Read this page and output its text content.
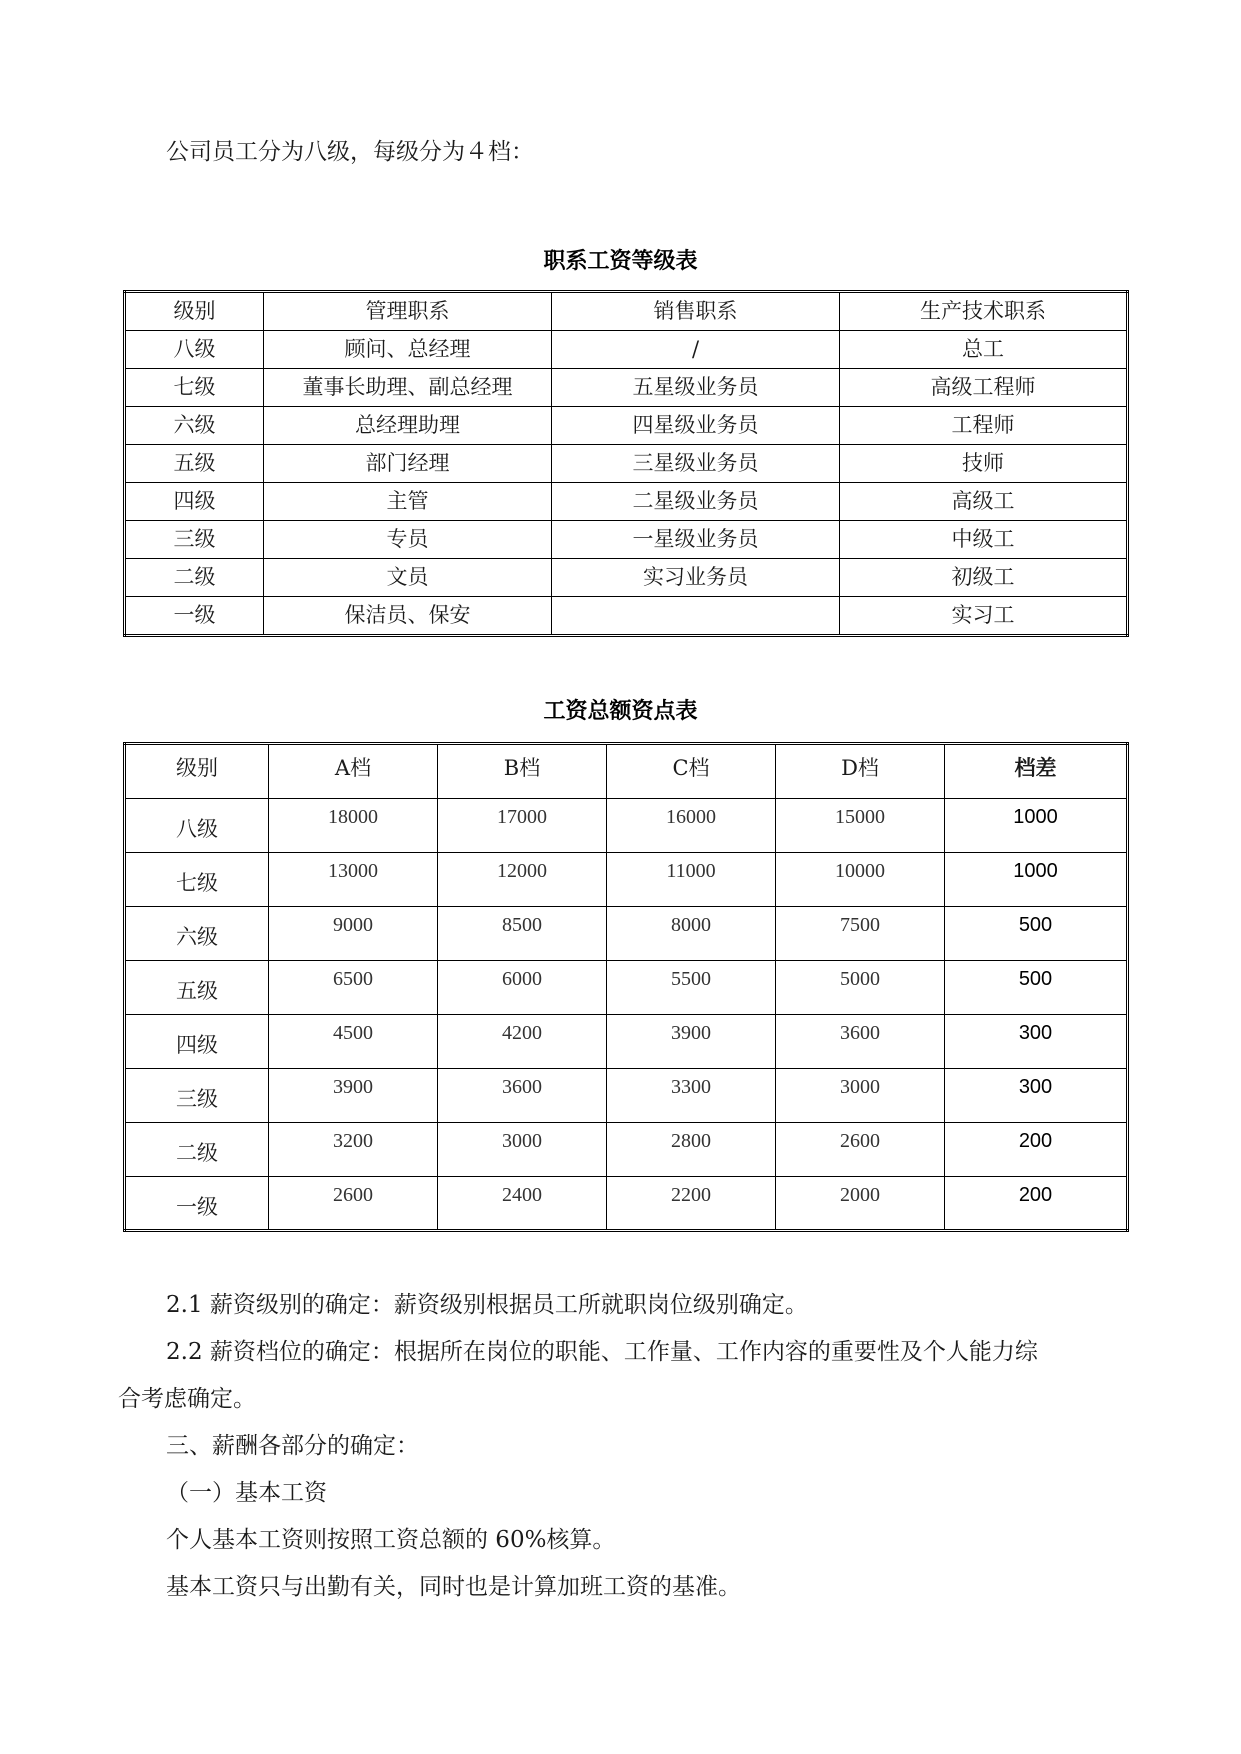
公司员工分为八级，每级分为４档：
职系工资等级表
级别	管理职系	销售职系	生产技术职系
八级	顾问、总经理	/	总工
七级	董事长助理、副总经理	五星级业务员	高级工程师
六级	总经理助理	四星级业务员	工程师
五级	部门经理	三星级业务员	技师
四级	主管	二星级业务员	高级工
三级	专员	一星级业务员	中级工
二级	文员	实习业务员	初级工
一级	保洁员、保安		实习工
工资总额资点表
级别	A档	B档	C档	D档	档差
八级	18000	17000	16000	15000	1000
七级	13000	12000	11000	10000	1000
六级	9000	8500	8000	7500	500
五级	6500	6000	5500	5000	500
四级	4500	4200	3900	3600	300
三级	3900	3600	3300	3000	300
二级	3200	3000	2800	2600	200
一级	2600	2400	2200	2000	200
2.1 薪资级别的确定：薪资级别根据员工所就职岗位级别确定。
2.2 薪资档位的确定：根据所在岗位的职能、工作量、工作内容的重要性及个人能力综
合考虑确定。
三、薪酬各部分的确定：
（一）基本工资
个人基本工资则按照工资总额的 60%核算。
基本工资只与出勤有关，同时也是计算加班工资的基准。
